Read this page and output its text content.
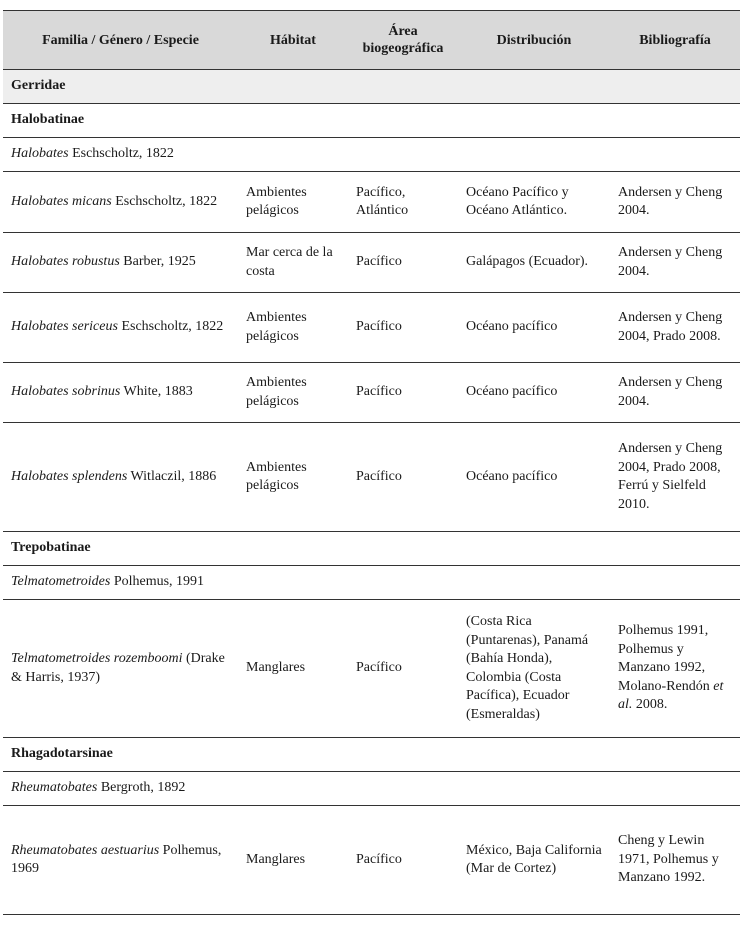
Familia / Género / Especie	Hábitat	Área biogeográfica	Distribución	Bibliografía
Gerridae				
Halobatinae				
Halobates Eschscholtz, 1822				
Halobates micans Eschscholtz, 1822	Ambientes pelágicos	Pacífico, Atlántico	Océano Pacífico y Océano Atlántico.	Andersen y Cheng 2004.
Halobates robustus Barber, 1925	Mar cerca de la costa	Pacífico	Galápagos (Ecuador).	Andersen y Cheng 2004.
Halobates sericeus Eschscholtz, 1822	Ambientes pelágicos	Pacífico	Océano pacífico	Andersen y Cheng 2004, Prado 2008.
Halobates sobrinus White, 1883	Ambientes pelágicos	Pacífico	Océano pacífico	Andersen y Cheng 2004.
Halobates splendens Witlaczil, 1886	Ambientes pelágicos	Pacífico	Océano pacífico	Andersen y Cheng 2004, Prado 2008, Ferrú y Sielfeld 2010.
Trepobatinae				
Telmatometroides Polhemus, 1991				
Telmatometroides rozemboomi (Drake & Harris, 1937)	Manglares	Pacífico	(Costa Rica (Puntarenas), Panamá (Bahía Honda), Colombia (Costa Pacífica), Ecuador (Esmeraldas)	Polhemus 1991, Polhemus y Manzano 1992, Molano-Rendón et al. 2008.
Rhagadotarsinae				
Rheumatobates Bergroth, 1892				
Rheumatobates aestuarius Polhemus, 1969	Manglares	Pacífico	México, Baja California (Mar de Cortez)	Cheng y Lewin 1971, Polhemus y Manzano 1992.
